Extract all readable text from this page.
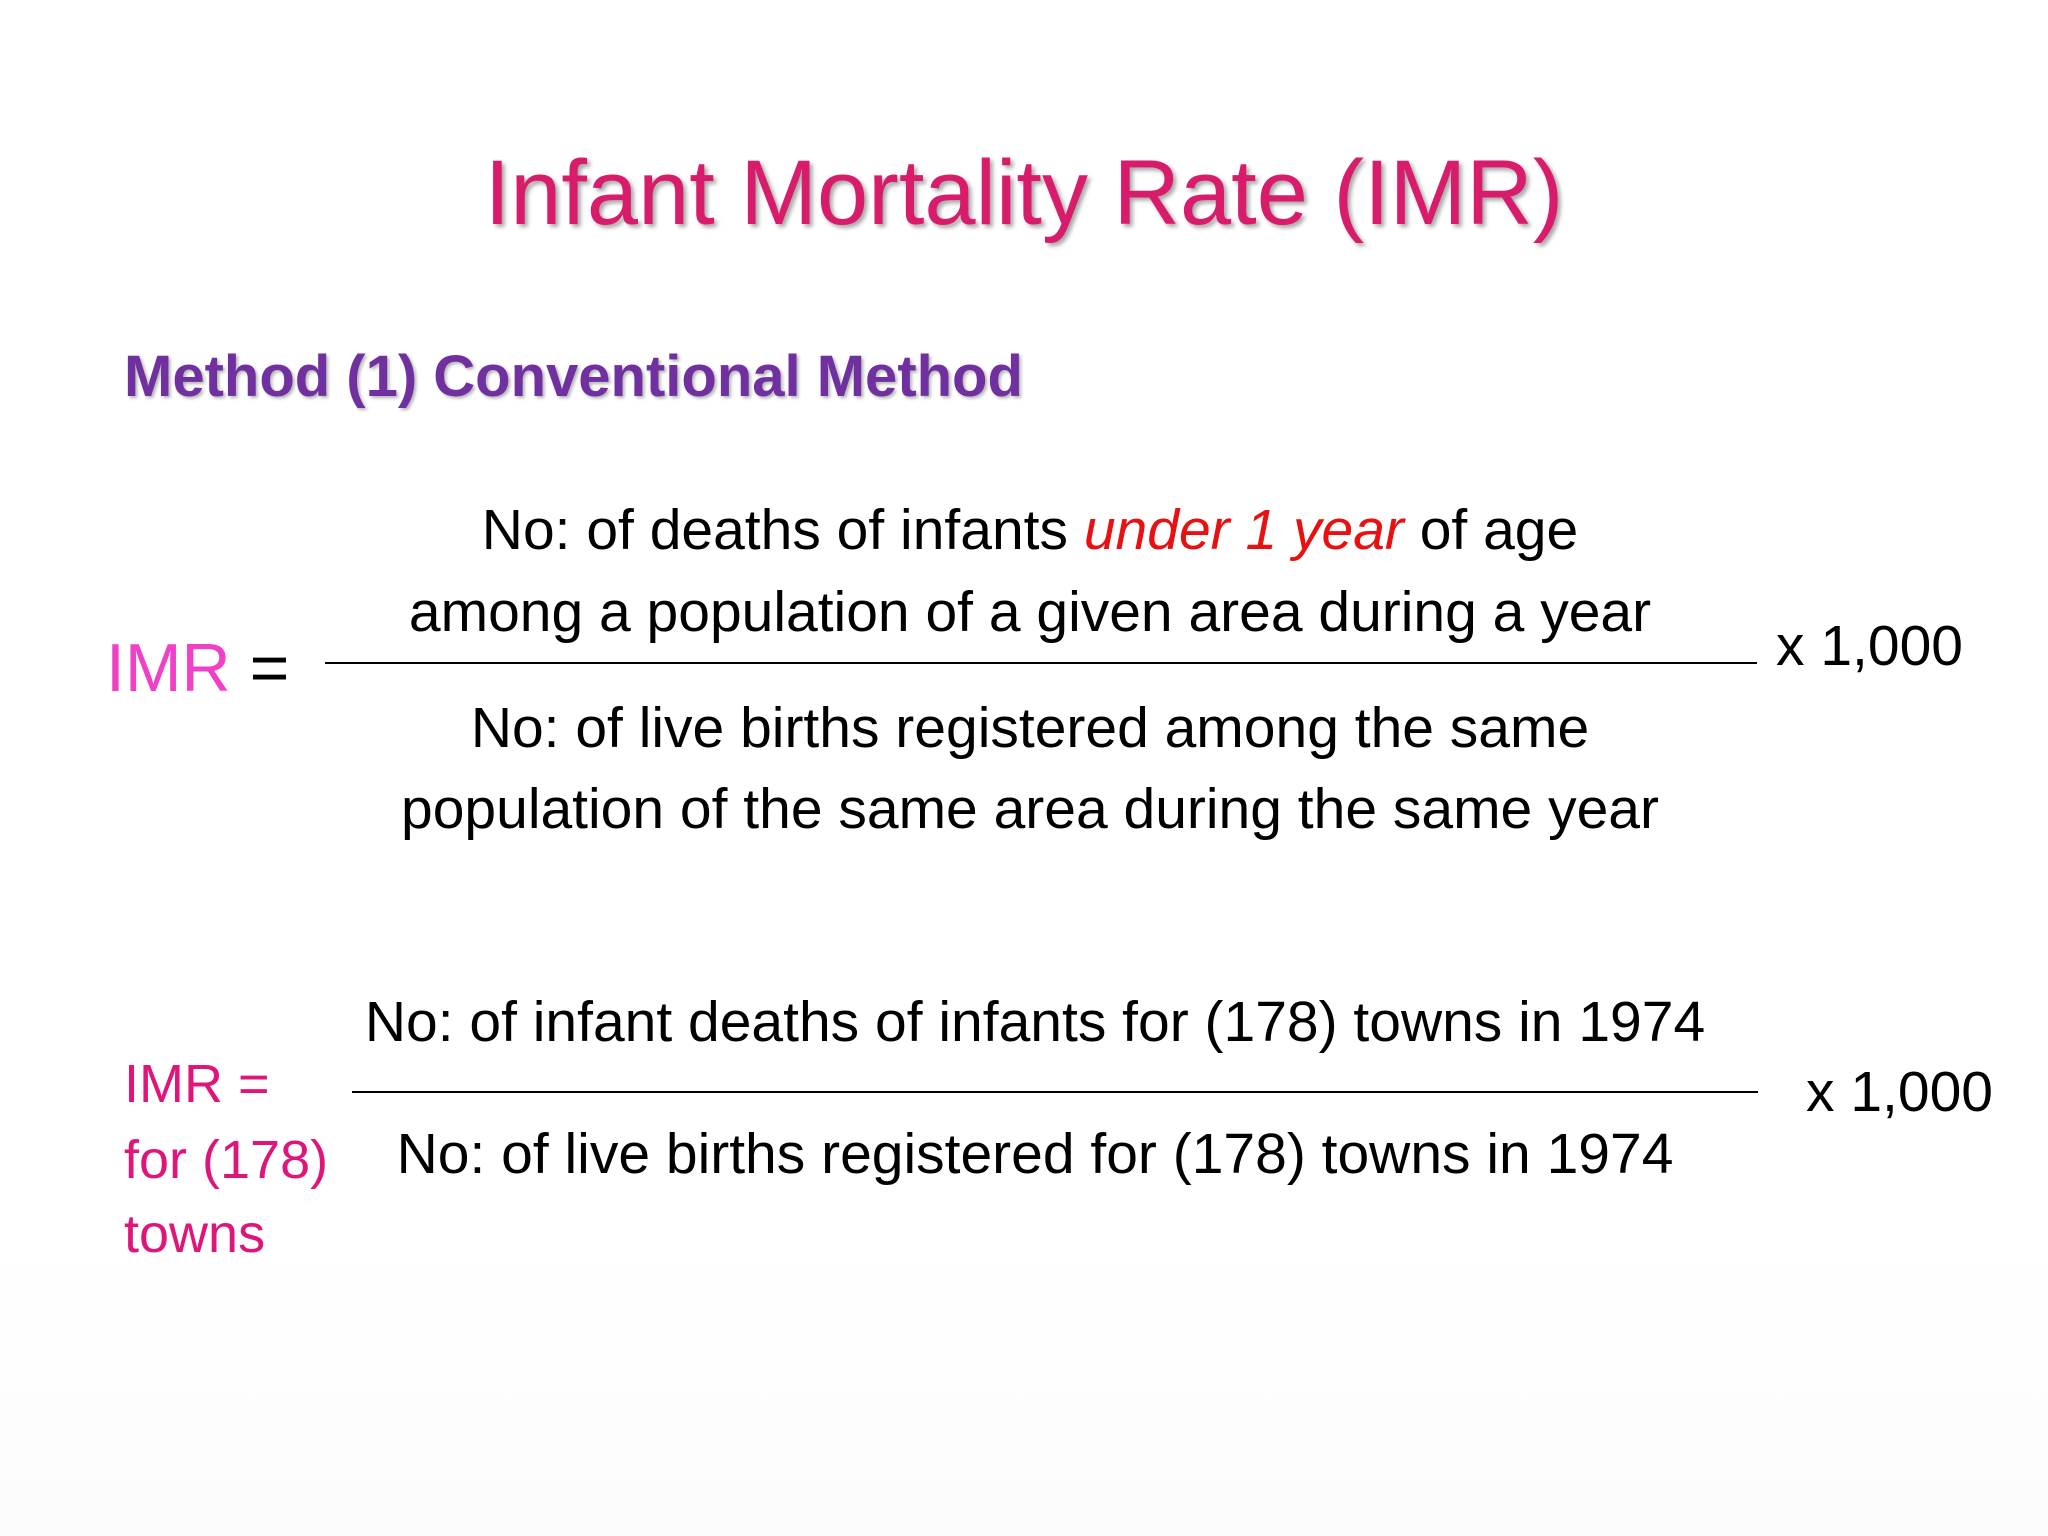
Infant Mortality Rate (IMR)
Method (1) Conventional Method
No: of deaths of infants under 1 year of age
among a population of a given area during a year
IMR =	x 1,000
No: of live births registered among the same
population of the same area during the same year
No: of infant deaths of infants for (178) towns in 1974
IMR =	x 1,000
for (178)	No: of live births registered for (178) towns in 1974
towns
